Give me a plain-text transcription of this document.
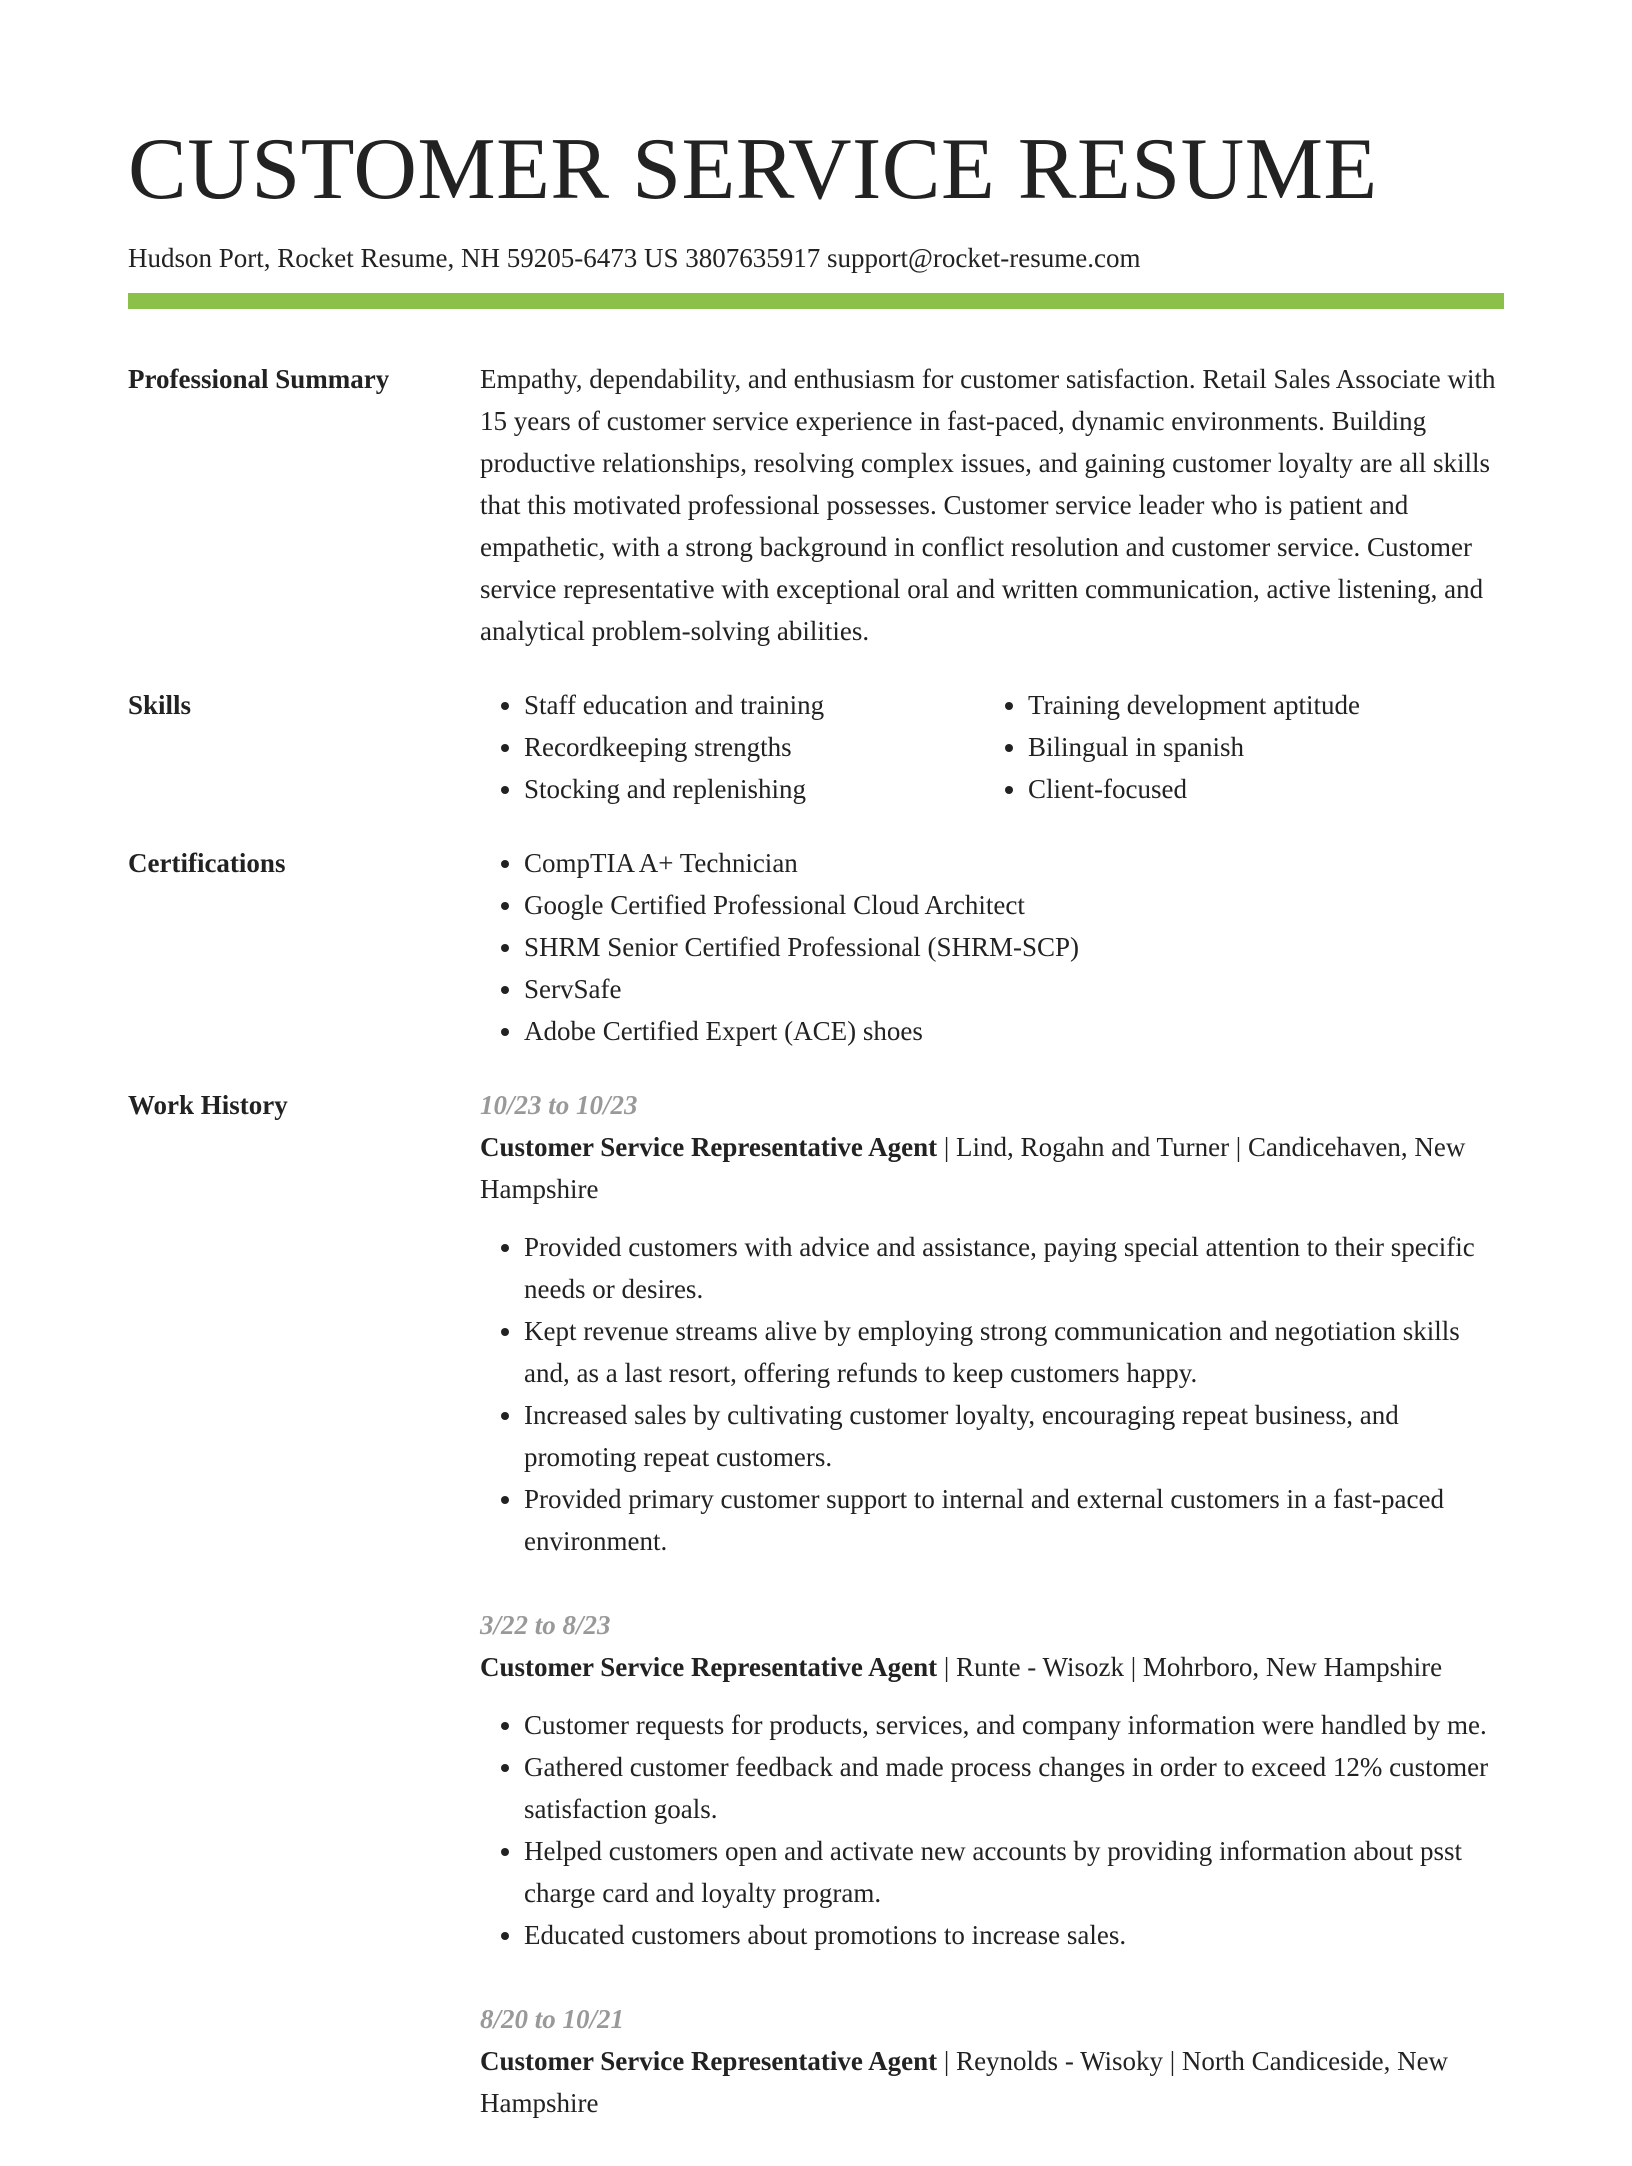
CUSTOMER SERVICE RESUME
Hudson Port, Rocket Resume, NH 59205-6473 US 3807635917 support@rocket-resume.com
Professional Summary	Empathy, dependability, and enthusiasm for customer satisfaction. Retail Sales Associate with 15 years of customer service experience in fast-paced, dynamic environments. Building productive relationships, resolving complex issues, and gaining customer loyalty are all skills that this motivated professional possesses. Customer service leader who is patient and empathetic, with a strong background in conflict resolution and customer service. Customer service representative with exceptional oral and written communication, active listening, and analytical problem-solving abilities.

Skills	• Staff education and training
• Recordkeeping strengths
• Stocking and replenishing
• Training development aptitude
• Bilingual in spanish
• Client-focused
Certifications	• CompTIA A+ Technician
• Google Certified Professional Cloud Architect
• SHRM Senior Certified Professional (SHRM-SCP)
• ServSafe
• Adobe Certified Expert (ACE) shoes
Work History	10/23 to 10/23
Customer Service Representative Agent | Lind, Rogahn and Turner | Candicehaven, New Hampshire
• Provided customers with advice and assistance, paying special attention to their specific needs or desires.
• Kept revenue streams alive by employing strong communication and negotiation skills and, as a last resort, offering refunds to keep customers happy.
• Increased sales by cultivating customer loyalty, encouraging repeat business, and promoting repeat customers.
• Provided primary customer support to internal and external customers in a fast-paced environment.
3/22 to 8/23
Customer Service Representative Agent | Runte - Wisozk | Mohrboro, New Hampshire
• Customer requests for products, services, and company information were handled by me.
• Gathered customer feedback and made process changes in order to exceed 12% customer satisfaction goals.
• Helped customers open and activate new accounts by providing information about psst charge card and loyalty program.
• Educated customers about promotions to increase sales.
8/20 to 10/21
Customer Service Representative Agent | Reynolds - Wisoky | North Candiceside, New Hampshire
